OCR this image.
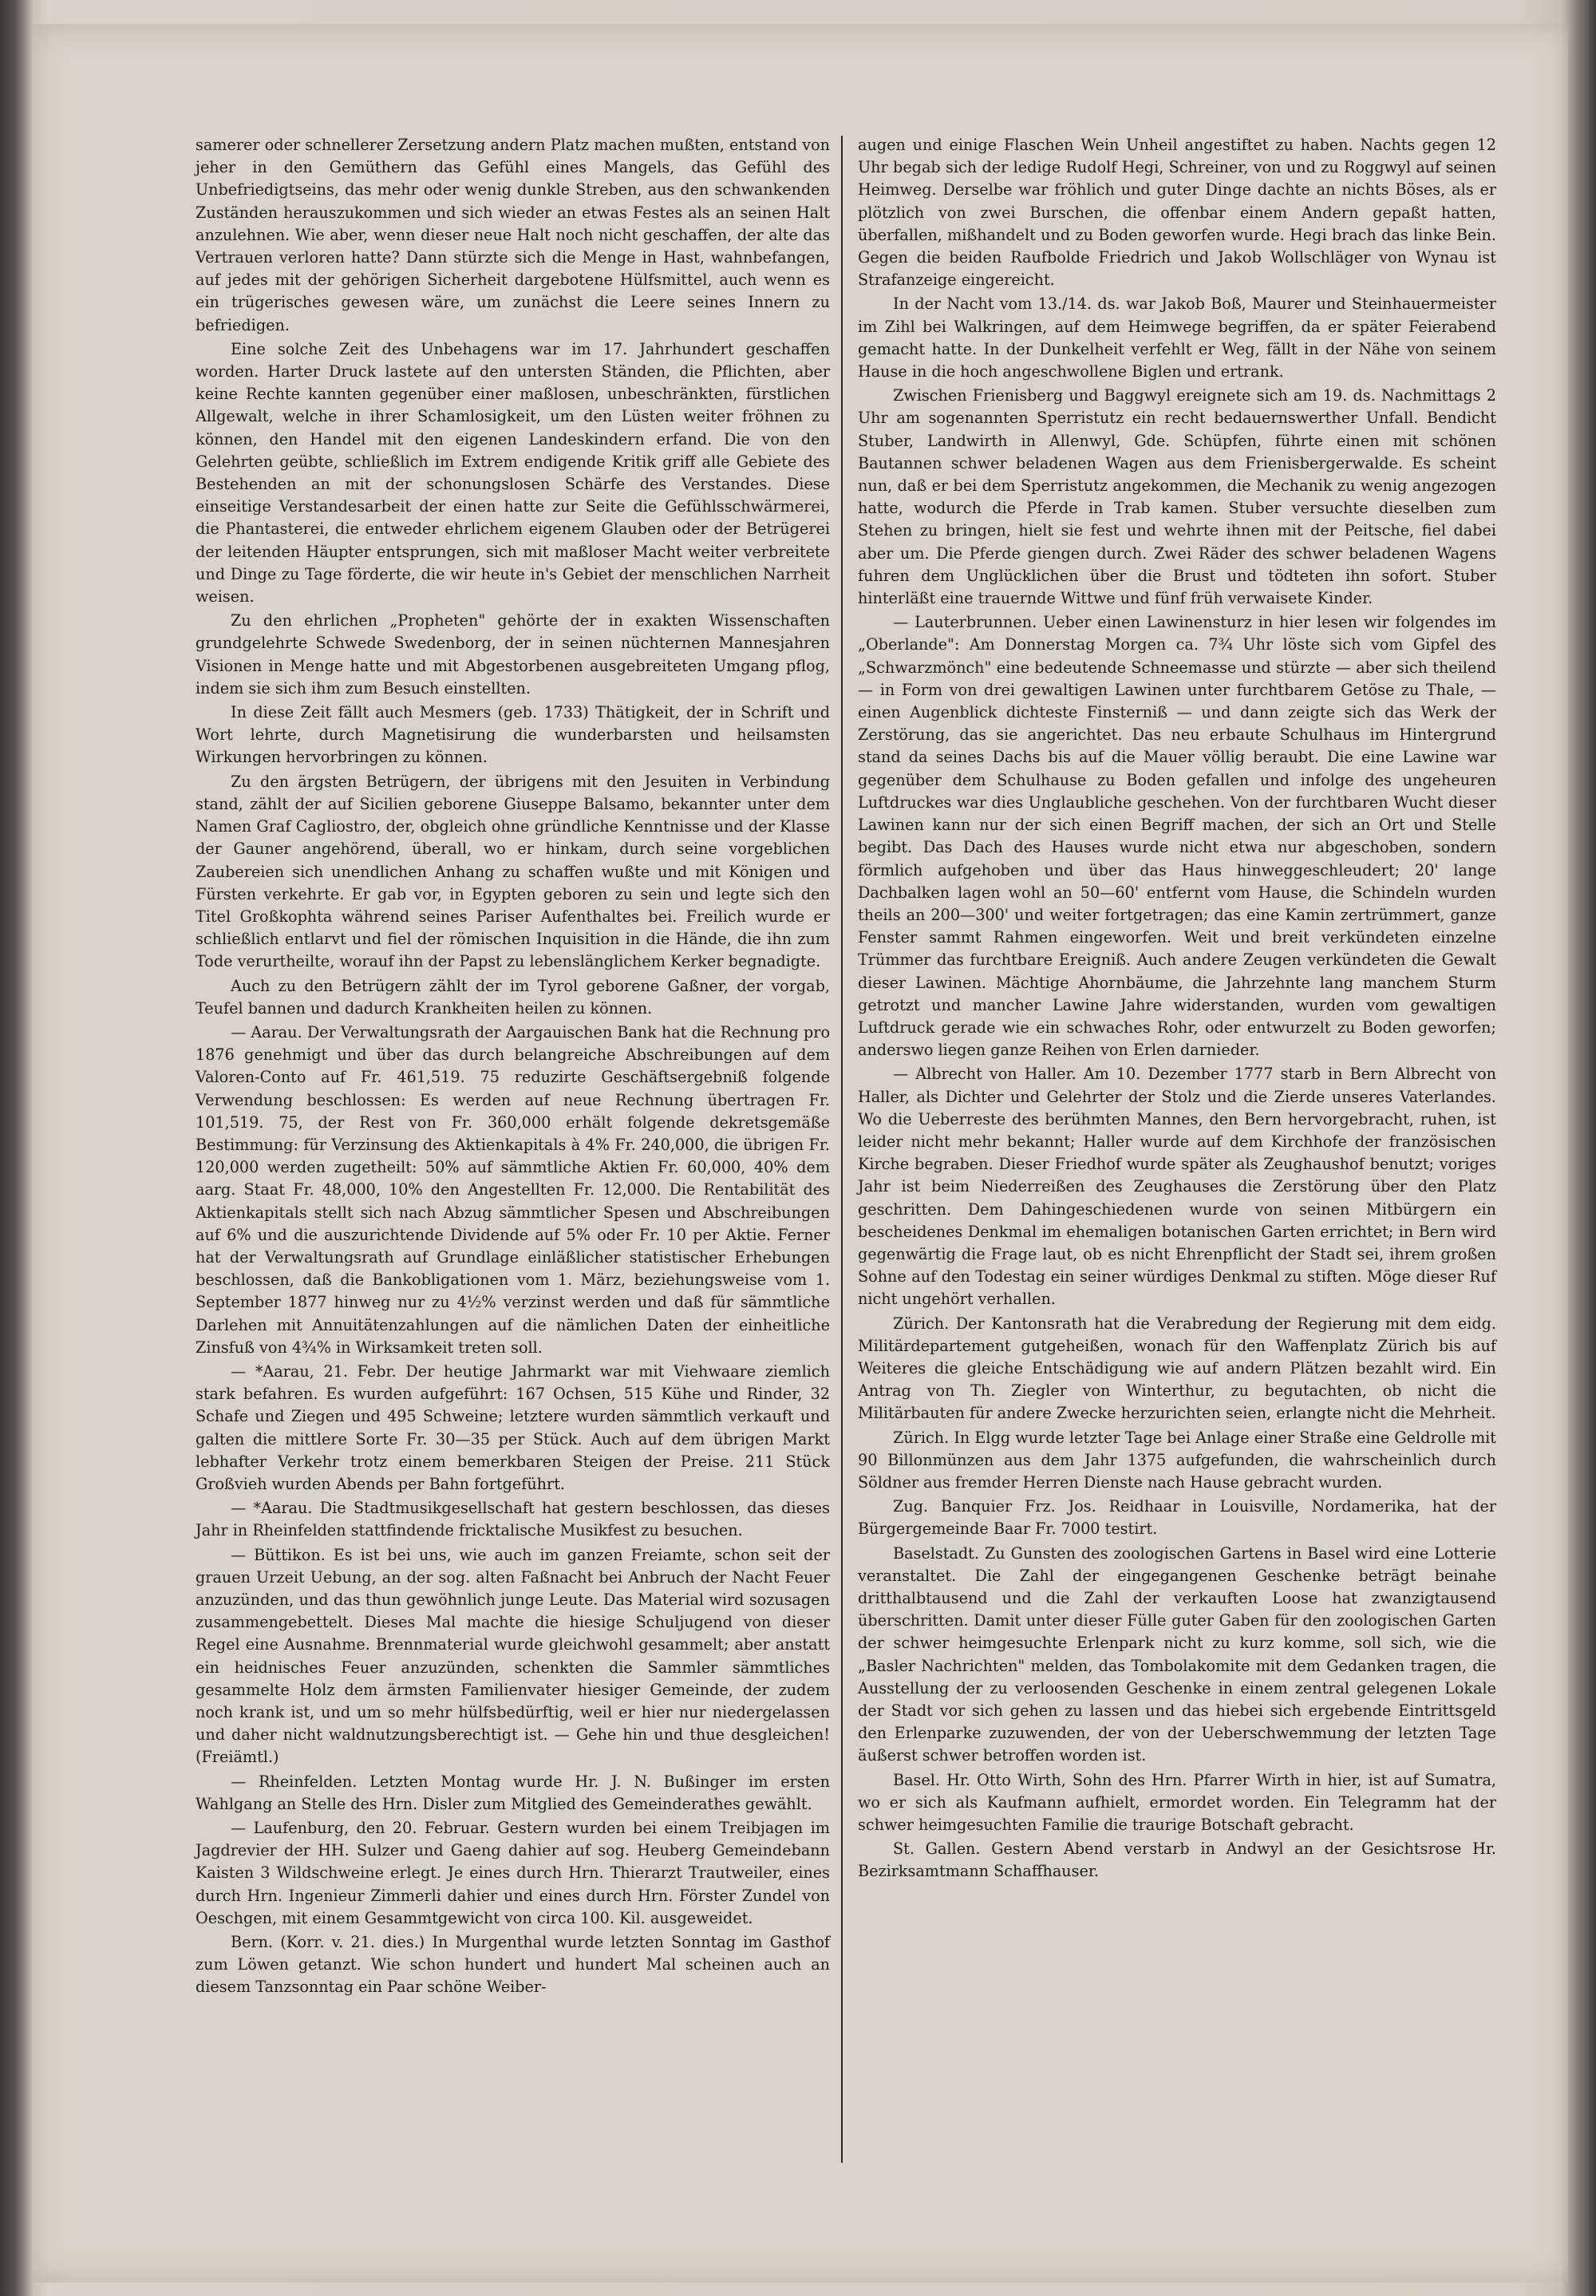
samerer oder schnellerer Zersetzung andern Platz machen mußten, entstand von jeher in den Gemüthern das Gefühl eines Mangels, das Gefühl des Unbefriedigtseins, das mehr oder wenig dunkle Streben, aus den schwankenden Zuständen herauszukommen und sich wieder an etwas Festes als an seinen Halt anzulehnen. Wie aber, wenn dieser neue Halt noch nicht geschaffen, der alte das Vertrauen verloren hatte? Dann stürzte sich die Menge in Hast, wahnbefangen, auf jedes mit der gehörigen Sicherheit dargebotene Hülfsmittel, auch wenn es ein trügerisches gewesen wäre, um zunächst die Leere seines Innern zu befriedigen.

Eine solche Zeit des Unbehagens war im 17. Jahrhundert geschaffen worden. Harter Druck lastete auf den untersten Ständen, die Pflichten, aber keine Rechte kannten gegenüber einer maßlosen, unbeschränkten, fürstlichen Allgewalt, welche in ihrer Schamlosigkeit, um den Lüsten weiter fröhnen zu können, den Handel mit den eigenen Landeskindern erfand. Die von den Gelehrten geübte, schließlich im Extrem endigende Kritik griff alle Gebiete des Bestehenden an mit der schonungslosen Schärfe des Verstandes. Diese einseitige Verstandesarbeit der einen hatte zur Seite die Gefühlsschwärmerei, die Phantasterei, die entweder ehrlichem eigenem Glauben oder der Betrügerei der leitenden Häupter entsprungen, sich mit maßloser Macht weiter verbreitete und Dinge zu Tage förderte, die wir heute in's Gebiet der menschlichen Narrheit weisen.

Zu den ehrlichen „Propheten" gehörte der in exakten Wissenschaften grundgelehrte Schwede Swedenborg, der in seinen nüchternen Mannesjahren Visionen in Menge hatte und mit Abgestorbenen ausgebreiteten Umgang pflog, indem sie sich ihm zum Besuch einstellten.

In diese Zeit fällt auch Mesmers (geb. 1733) Thätigkeit, der in Schrift und Wort lehrte, durch Magnetisirung die wunderbarsten und heilsamsten Wirkungen hervorbringen zu können.

Zu den ärgsten Betrügern, der übrigens mit den Jesuiten in Verbindung stand, zählt der auf Sicilien geborene Giuseppe Balsamo, bekannter unter dem Namen Graf Cagliostro, der, obgleich ohne gründliche Kenntnisse und der Klasse der Gauner angehörend, überall, wo er hinkam, durch seine vorgeblichen Zaubereien sich unendlichen Anhang zu schaffen wußte und mit Königen und Fürsten verkehrte. Er gab vor, in Egypten geboren zu sein und legte sich den Titel Großkophta während seines Pariser Aufenthaltes bei. Freilich wurde er schließlich entlarvt und fiel der römischen Inquisition in die Hände, die ihn zum Tode verurtheilte, worauf ihn der Papst zu lebenslänglichem Kerker begnadigte.

Auch zu den Betrügern zählt der im Tyrol geborene Gaßner, der vorgab, Teufel bannen und dadurch Krankheiten heilen zu können.

— Aarau. Der Verwaltungsrath der Aargauischen Bank hat die Rechnung pro 1876 genehmigt und über das durch belangreiche Abschreibungen auf dem Valoren-Conto auf Fr. 461,519. 75 reduzirte Geschäftsergebniß folgende Verwendung beschlossen: Es werden auf neue Rechnung übertragen Fr. 101,519. 75, der Rest von Fr. 360,000 erhält folgende dekretsgemäße Bestimmung: für Verzinsung des Aktienkapitals à 4% Fr. 240,000, die übrigen Fr. 120,000 werden zugetheilt: 50% auf sämmtliche Aktien Fr. 60,000, 40% dem aarg. Staat Fr. 48,000, 10% den Angestellten Fr. 12,000. Die Rentabilität des Aktienkapitals stellt sich nach Abzug sämmtlicher Spesen und Abschreibungen auf 6% und die auszurichtende Dividende auf 5% oder Fr. 10 per Aktie. Ferner hat der Verwaltungsrath auf Grundlage einläßlicher statistischer Erhebungen beschlossen, daß die Bankobligationen vom 1. März, beziehungsweise vom 1. September 1877 hinweg nur zu 4½% verzinst werden und daß für sämmtliche Darlehen mit Annuitätenzahlungen auf die nämlichen Daten der einheitliche Zinsfuß von 4¾% in Wirksamkeit treten soll.

— *Aarau, 21. Febr. Der heutige Jahrmarkt war mit Viehwaare ziemlich stark befahren. Es wurden aufgeführt: 167 Ochsen, 515 Kühe und Rinder, 32 Schafe und Ziegen und 495 Schweine; letztere wurden sämmtlich verkauft und galten die mittlere Sorte Fr. 30—35 per Stück. Auch auf dem übrigen Markt lebhafter Verkehr trotz einem bemerkbaren Steigen der Preise. 211 Stück Großvieh wurden Abends per Bahn fortgeführt.

— *Aarau. Die Stadtmusikgesellschaft hat gestern beschlossen, das dieses Jahr in Rheinfelden stattfindende fricktalische Musikfest zu besuchen.

— Büttikon. Es ist bei uns, wie auch im ganzen Freiamte, schon seit der grauen Urzeit Uebung, an der sog. alten Faßnacht bei Anbruch der Nacht Feuer anzuzünden, und das thun gewöhnlich junge Leute. Das Material wird sozusagen zusammengebettelt. Dieses Mal machte die hiesige Schuljugend von dieser Regel eine Ausnahme. Brennmaterial wurde gleichwohl gesammelt; aber anstatt ein heidnisches Feuer anzuzünden, schenkten die Sammler sämmtliches gesammelte Holz dem ärmsten Familienvater hiesiger Gemeinde, der zudem noch krank ist, und um so mehr hülfsbedürftig, weil er hier nur niedergelassen und daher nicht waldnutzungsberechtigt ist. — Gehe hin und thue desgleichen! (Freiämtl.)

— Rheinfelden. Letzten Montag wurde Hr. J. N. Bußinger im ersten Wahlgang an Stelle des Hrn. Disler zum Mitglied des Gemeinderathes gewählt.

— Laufenburg, den 20. Februar. Gestern wurden bei einem Treibjagen im Jagdrevier der HH. Sulzer und Gaeng dahier auf sog. Heuberg Gemeindebann Kaisten 3 Wildschweine erlegt. Je eines durch Hrn. Thierarzt Trautweiler, eines durch Hrn. Ingenieur Zimmerli dahier und eines durch Hrn. Förster Zundel von Oeschgen, mit einem Gesammtgewicht von circa 100. Kil. ausgeweidet.

Bern. (Korr. v. 21. dies.) In Murgenthal wurde letzten Sonntag im Gasthof zum Löwen getanzt. Wie schon hundert und hundert Mal scheinen auch an diesem Tanzsonntag ein Paar schöne Weiber-

augen und einige Flaschen Wein Unheil angestiftet zu haben. Nachts gegen 12 Uhr begab sich der ledige Rudolf Hegi, Schreiner, von und zu Roggwyl auf seinen Heimweg. Derselbe war fröhlich und guter Dinge dachte an nichts Böses, als er plötzlich von zwei Burschen, die offenbar einem Andern gepaßt hatten, überfallen, mißhandelt und zu Boden geworfen wurde. Hegi brach das linke Bein. Gegen die beiden Raufbolde Friedrich und Jakob Wollschläger von Wynau ist Strafanzeige eingereicht.

In der Nacht vom 13./14. ds. war Jakob Boß, Maurer und Steinhauermeister im Zihl bei Walkringen, auf dem Heimwege begriffen, da er später Feierabend gemacht hatte. In der Dunkelheit verfehlt er Weg, fällt in der Nähe von seinem Hause in die hoch angeschwollene Biglen und ertrank.

Zwischen Frienisberg und Baggwyl ereignete sich am 19. ds. Nachmittags 2 Uhr am sogenannten Sperristutz ein recht bedauernswerther Unfall. Bendicht Stuber, Landwirth in Allenwyl, Gde. Schüpfen, führte einen mit schönen Bautannen schwer beladenen Wagen aus dem Frienisbergerwalde. Es scheint nun, daß er bei dem Sperristutz angekommen, die Mechanik zu wenig angezogen hatte, wodurch die Pferde in Trab kamen. Stuber versuchte dieselben zum Stehen zu bringen, hielt sie fest und wehrte ihnen mit der Peitsche, fiel dabei aber um. Die Pferde giengen durch. Zwei Räder des schwer beladenen Wagens fuhren dem Unglücklichen über die Brust und tödteten ihn sofort. Stuber hinterläßt eine trauernde Wittwe und fünf früh verwaisete Kinder.

— Lauterbrunnen. Ueber einen Lawinensturz in hier lesen wir folgendes im „Oberlande": Am Donnerstag Morgen ca. 7¾ Uhr löste sich vom Gipfel des „Schwarzmönch" eine bedeutende Schneemasse und stürzte — aber sich theilend — in Form von drei gewaltigen Lawinen unter furchtbarem Getöse zu Thale, — einen Augenblick dichteste Finsterniß — und dann zeigte sich das Werk der Zerstörung, das sie angerichtet. Das neu erbaute Schulhaus im Hintergrund stand da seines Dachs bis auf die Mauer völlig beraubt. Die eine Lawine war gegenüber dem Schulhause zu Boden gefallen und infolge des ungeheuren Luftdruckes war dies Unglaubliche geschehen. Von der furchtbaren Wucht dieser Lawinen kann nur der sich einen Begriff machen, der sich an Ort und Stelle begibt. Das Dach des Hauses wurde nicht etwa nur abgeschoben, sondern förmlich aufgehoben und über das Haus hinweggeschleudert; 20' lange Dachbalken lagen wohl an 50—60' entfernt vom Hause, die Schindeln wurden theils an 200—300' und weiter fortgetragen; das eine Kamin zertrümmert, ganze Fenster sammt Rahmen eingeworfen. Weit und breit verkündeten einzelne Trümmer das furchtbare Ereigniß. Auch andere Zeugen verkündeten die Gewalt dieser Lawinen. Mächtige Ahornbäume, die Jahrzehnte lang manchem Sturm getrotzt und mancher Lawine Jahre widerstanden, wurden vom gewaltigen Luftdruck gerade wie ein schwaches Rohr, oder entwurzelt zu Boden geworfen; anderswo liegen ganze Reihen von Erlen darnieder.

— Albrecht von Haller. Am 10. Dezember 1777 starb in Bern Albrecht von Haller, als Dichter und Gelehrter der Stolz und die Zierde unseres Vaterlandes. Wo die Ueberreste des berühmten Mannes, den Bern hervorgebracht, ruhen, ist leider nicht mehr bekannt; Haller wurde auf dem Kirchhofe der französischen Kirche begraben. Dieser Friedhof wurde später als Zeughaushof benutzt; voriges Jahr ist beim Niederreißen des Zeughauses die Zerstörung über den Platz geschritten. Dem Dahingeschiedenen wurde von seinen Mitbürgern ein bescheidenes Denkmal im ehemaligen botanischen Garten errichtet; in Bern wird gegenwärtig die Frage laut, ob es nicht Ehrenpflicht der Stadt sei, ihrem großen Sohne auf den Todestag ein seiner würdiges Denkmal zu stiften. Möge dieser Ruf nicht ungehört verhallen.

Zürich. Der Kantonsrath hat die Verabredung der Regierung mit dem eidg. Militärdepartement gutgeheißen, wonach für den Waffenplatz Zürich bis auf Weiteres die gleiche Entschädigung wie auf andern Plätzen bezahlt wird. Ein Antrag von Th. Ziegler von Winterthur, zu begutachten, ob nicht die Militärbauten für andere Zwecke herzurichten seien, erlangte nicht die Mehrheit.

Zürich. In Elgg wurde letzter Tage bei Anlage einer Straße eine Geldrolle mit 90 Billonmünzen aus dem Jahr 1375 aufgefunden, die wahrscheinlich durch Söldner aus fremder Herren Dienste nach Hause gebracht wurden.

Zug. Banquier Frz. Jos. Reidhaar in Louisville, Nordamerika, hat der Bürgergemeinde Baar Fr. 7000 testirt.

Baselstadt. Zu Gunsten des zoologischen Gartens in Basel wird eine Lotterie veranstaltet. Die Zahl der eingegangenen Geschenke beträgt beinahe dritthalbtausend und die Zahl der verkauften Loose hat zwanzigtausend überschritten. Damit unter dieser Fülle guter Gaben für den zoologischen Garten der schwer heimgesuchte Erlenpark nicht zu kurz komme, soll sich, wie die „Basler Nachrichten" melden, das Tombolakomite mit dem Gedanken tragen, die Ausstellung der zu verloosenden Geschenke in einem zentral gelegenen Lokale der Stadt vor sich gehen zu lassen und das hiebei sich ergebende Eintrittsgeld den Erlenparke zuzuwenden, der von der Ueberschwemmung der letzten Tage äußerst schwer betroffen worden ist.

Basel. Hr. Otto Wirth, Sohn des Hrn. Pfarrer Wirth in hier, ist auf Sumatra, wo er sich als Kaufmann aufhielt, ermordet worden. Ein Telegramm hat der schwer heimgesuchten Familie die traurige Botschaft gebracht.

St. Gallen. Gestern Abend verstarb in Andwyl an der Gesichtsrose Hr. Bezirksamtmann Schaffhauser.
